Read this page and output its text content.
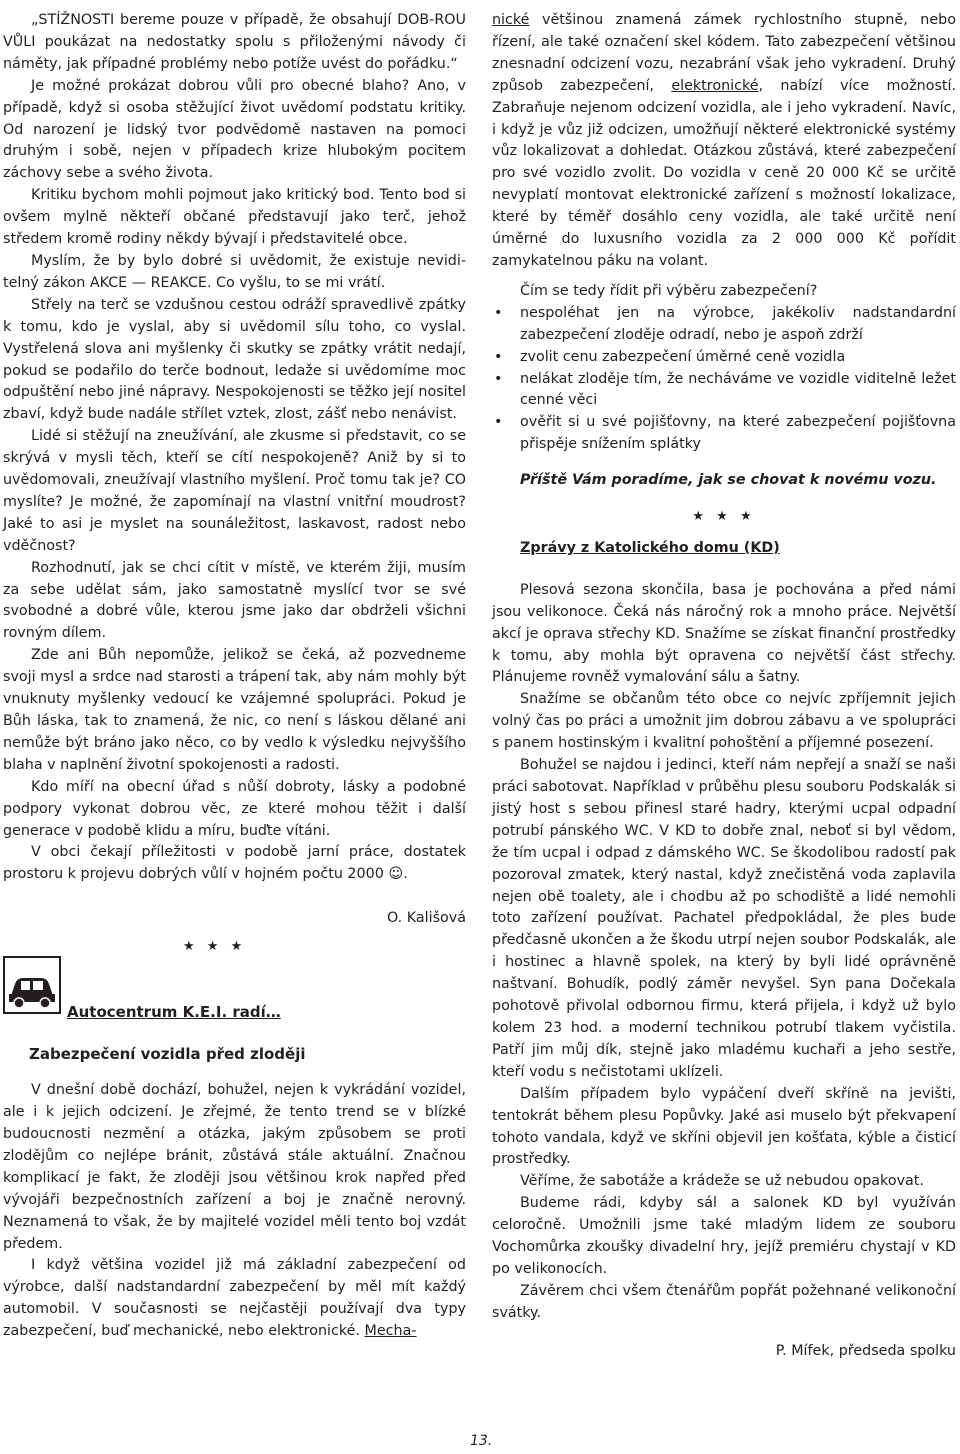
„STÍŽNOSTI bereme pouze v případě, že obsahují DOB-ROU VŮLI poukázat na nedostatky spolu s přiloženými návody či náměty, jak případné problémy nebo potíže uvést do pořádku.“

Je možné prokázat dobrou vůli pro obecné blaho? Ano, v případě, když si osoba stěžující život uvědomí podstatu kritiky. Od narození je lidský tvor podvědomě nastaven na pomoci druhým i sobě, nejen v případech krize hlubokým pocitem záchovy sebe a svého života.

Kritiku bychom mohli pojmout jako kritický bod. Tento bod si ovšem mylně někteří občané představují jako terč, jehož středem kromě rodiny někdy bývají i představitelé obce.

Myslím, že by bylo dobré si uvědomit, že existuje nevidi-telný zákon AKCE — REAKCE. Co vyšlu, to se mi vrátí.

Střely na terč se vzdušnou cestou odráží spravedlivě zpátky k tomu, kdo je vyslal, aby si uvědomil sílu toho, co vyslal. Vystřelená slova ani myšlenky či skutky se zpátky vrátit nedají, pokud se podařilo do terče bodnout, ledaže si uvědomíme moc odpuštění nebo jiné nápravy. Nespokojenosti se těžko její nositel zbaví, když bude nadále střílet vztek, zlost, zášť nebo nenávist.

Lidé si stěžují na zneužívání, ale zkusme si představit, co se skrývá v mysli těch, kteří se cítí nespokojeně? Aniž by si to uvědomovali, zneužívají vlastního myšlení. Proč tomu tak je? CO myslíte? Je možné, že zapomínají na vlastní vnitřní moudrost? Jaké to asi je myslet na sounáležitost, laskavost, radost nebo vděčnost?

Rozhodnutí, jak se chci cítit v místě, ve kterém žiji, musím za sebe udělat sám, jako samostatně myslící tvor se své svobodné a dobré vůle, kterou jsme jako dar obdrželi všichni rovným dílem.

Zde ani Bůh nepomůže, jelikož se čeká, až pozvedneme svoji mysl a srdce nad starosti a trápení tak, aby nám mohly být vnuknuty myšlenky vedoucí ke vzájemné spolupráci. Pokud je Bůh láska, tak to znamená, že nic, co není s láskou dělané ani nemůže být bráno jako něco, co by vedlo k výsledku nejvyššího blaha v naplnění životní spokojenosti a radosti.

Kdo míří na obecní úřad s nůší dobroty, lásky a podobné podpory vykonat dobrou věc, ze které mohou těžit i další generace v podobě klidu a míru, buďte vítáni.

V obci čekají příležitosti v podobě jarní práce, dostatek prostoru k projevu dobrých vůlí v hojném počtu 2000 ☺.

O. Kališová

★ ★ ★
Autocentrum K.E.I. radí…
Zabezpečení vozidla před zloději

V dnešní době dochází, bohužel, nejen k vykrádání vozidel, ale i k jejich odcizení. Je zřejmé, že tento trend se v blízké budoucnosti nezmění a otázka, jakým způsobem se proti zlodějům co nejlépe bránit, zůstává stále aktuální. Značnou komplikací je fakt, že zloději jsou většinou krok napřed před vývojáři bezpečnostních zařízení a boj je značně nerovný. Neznamená to však, že by majitelé vozidel měli tento boj vzdát předem.

I když většina vozidel již má základní zabezpečení od výrobce, další nadstandardní zabezpečení by měl mít každý automobil. V současnosti se nejčastěji používají dva typy zabezpečení, buď mechanické, nebo elektronické. Mecha-

nické většinou znamená zámek rychlostního stupně, nebo řízení, ale také označení skel kódem. Tato zabezpečení většinou znesnadní odcizení vozu, nezabrání však jeho vykradení. Druhý způsob zabezpečení, elektronické, nabízí více možností. Zabraňuje nejenom odcizení vozidla, ale i jeho vykradení. Navíc, i když je vůz již odcizen, umožňují některé elektronické systémy vůz lokalizovat a dohledat. Otázkou zůstává, které zabezpečení pro své vozidlo zvolit. Do vozidla v ceně 20 000 Kč se určitě nevyplatí montovat elektronické zařízení s možností lokalizace, které by téměř dosáhlo ceny vozidla, ale také určitě není úměrné do luxusního vozidla za 2 000 000 Kč pořídit zamykatelnou páku na volant.

Čím se tedy řídit při výběru zabezpečení?

• nespoléhat jen na výrobce, jakékoliv nadstandardní zabezpečení zloděje odradí, nebo je aspoň zdrží
• zvolit cenu zabezpečení úměrné ceně vozidla
• nelákat zloděje tím, že necháváme ve vozidle viditelně ležet cenné věci
• ověřit si u své pojišťovny, na které zabezpečení pojišťovna přispěje snížením splátky

Příště Vám poradíme, jak se chovat k novému vozu.

★ ★ ★

Zprávy z Katolického domu (KD)

Plesová sezona skončila, basa je pochována a před námi jsou velikonoce. Čeká nás náročný rok a mnoho práce. Největší akcí je oprava střechy KD. Snažíme se získat finanční prostředky k tomu, aby mohla být opravena co největší část střechy. Plánujeme rovněž vymalování sálu a šatny.

Snažíme se občanům této obce co nejvíc zpříjemnit jejich volný čas po práci a umožnit jim dobrou zábavu a ve spolupráci s panem hostinským i kvalitní pohoštění a příjemné posezení.

Bohužel se najdou i jedinci, kteří nám nepřejí a snaží se naši práci sabotovat. Například v průběhu plesu souboru Podskalák si jistý host s sebou přinesl staré hadry, kterými ucpal odpadní potrubí pánského WC. V KD to dobře znal, neboť si byl vědom, že tím ucpal i odpad z dámského WC. Se škodolibou radostí pak pozoroval zmatek, který nastal, když znečistěná voda zaplavila nejen obě toalety, ale i chodbu až po schodiště a lidé nemohli toto zařízení používat. Pachatel předpokládal, že ples bude předčasně ukončen a že škodu utrpí nejen soubor Podskalák, ale i hostinec a hlavně spolek, na který by byli lidé oprávněně naštvaní. Bohudík, podlý záměr nevyšel. Syn pana Dočekala pohotově přivolal odbornou firmu, která přijela, i když už bylo kolem 23 hod. a moderní technikou potrubí tlakem vyčistila. Patří jim můj dík, stejně jako mladému kuchaři a jeho sestře, kteří vodu s nečistotami uklízeli.

Dalším případem bylo vypáčení dveří skříně na jevišti, tentokrát během plesu Popůvky. Jaké asi muselo být překvapení tohoto vandala, když ve skříni objevil jen košťata, kýble a čisticí prostředky.

Věříme, že sabotáže a krádeže se už nebudou opakovat.

Budeme rádi, kdyby sál a salonek KD byl využíván celoročně. Umožnili jsme také mladým lidem ze souboru Vochomůrka zkoušky divadelní hry, jejíž premiéru chystají v KD po velikonocích.

Závěrem chci všem čtenářům popřát požehnané velikonoční svátky.

P. Mífek, předseda spolku

13.
